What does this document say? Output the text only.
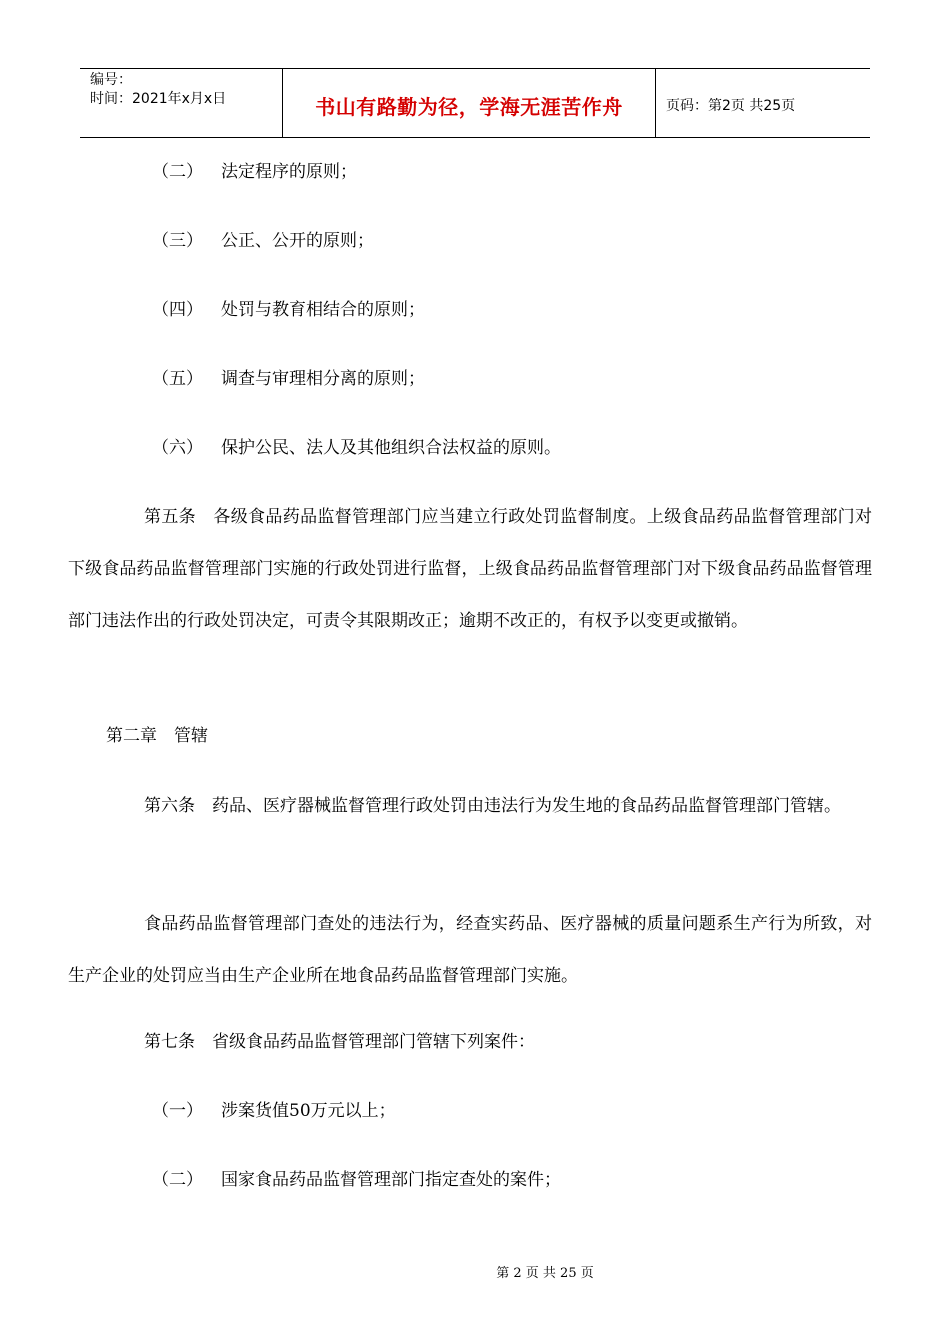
编号：
时间：2021年x月x日	书山有路勤为径，学海无涯苦作舟	页码：第2页 共25页
（二） 法定程序的原则；
（三） 公正、公开的原则；
（四） 处罚与教育相结合的原则；
（五） 调查与审理相分离的原则；
（六） 保护公民、法人及其他组织合法权益的原则。
第五条　各级食品药品监督管理部门应当建立行政处罚监督制度。上级食品药品监督管理部门对下级食品药品监督管理部门实施的行政处罚进行监督，上级食品药品监督管理部门对下级食品药品监督管理部门违法作出的行政处罚决定，可责令其限期改正；逾期不改正的，有权予以变更或撤销。
第二章　管辖
第六条　药品、医疗器械监督管理行政处罚由违法行为发生地的食品药品监督管理部门管辖。
食品药品监督管理部门查处的违法行为，经查实药品、医疗器械的质量问题系生产行为所致，对生产企业的处罚应当由生产企业所在地食品药品监督管理部门实施。
第七条　省级食品药品监督管理部门管辖下列案件：
（一） 涉案货值50万元以上；
（二） 国家食品药品监督管理部门指定查处的案件；
第 2 页 共 25 页
